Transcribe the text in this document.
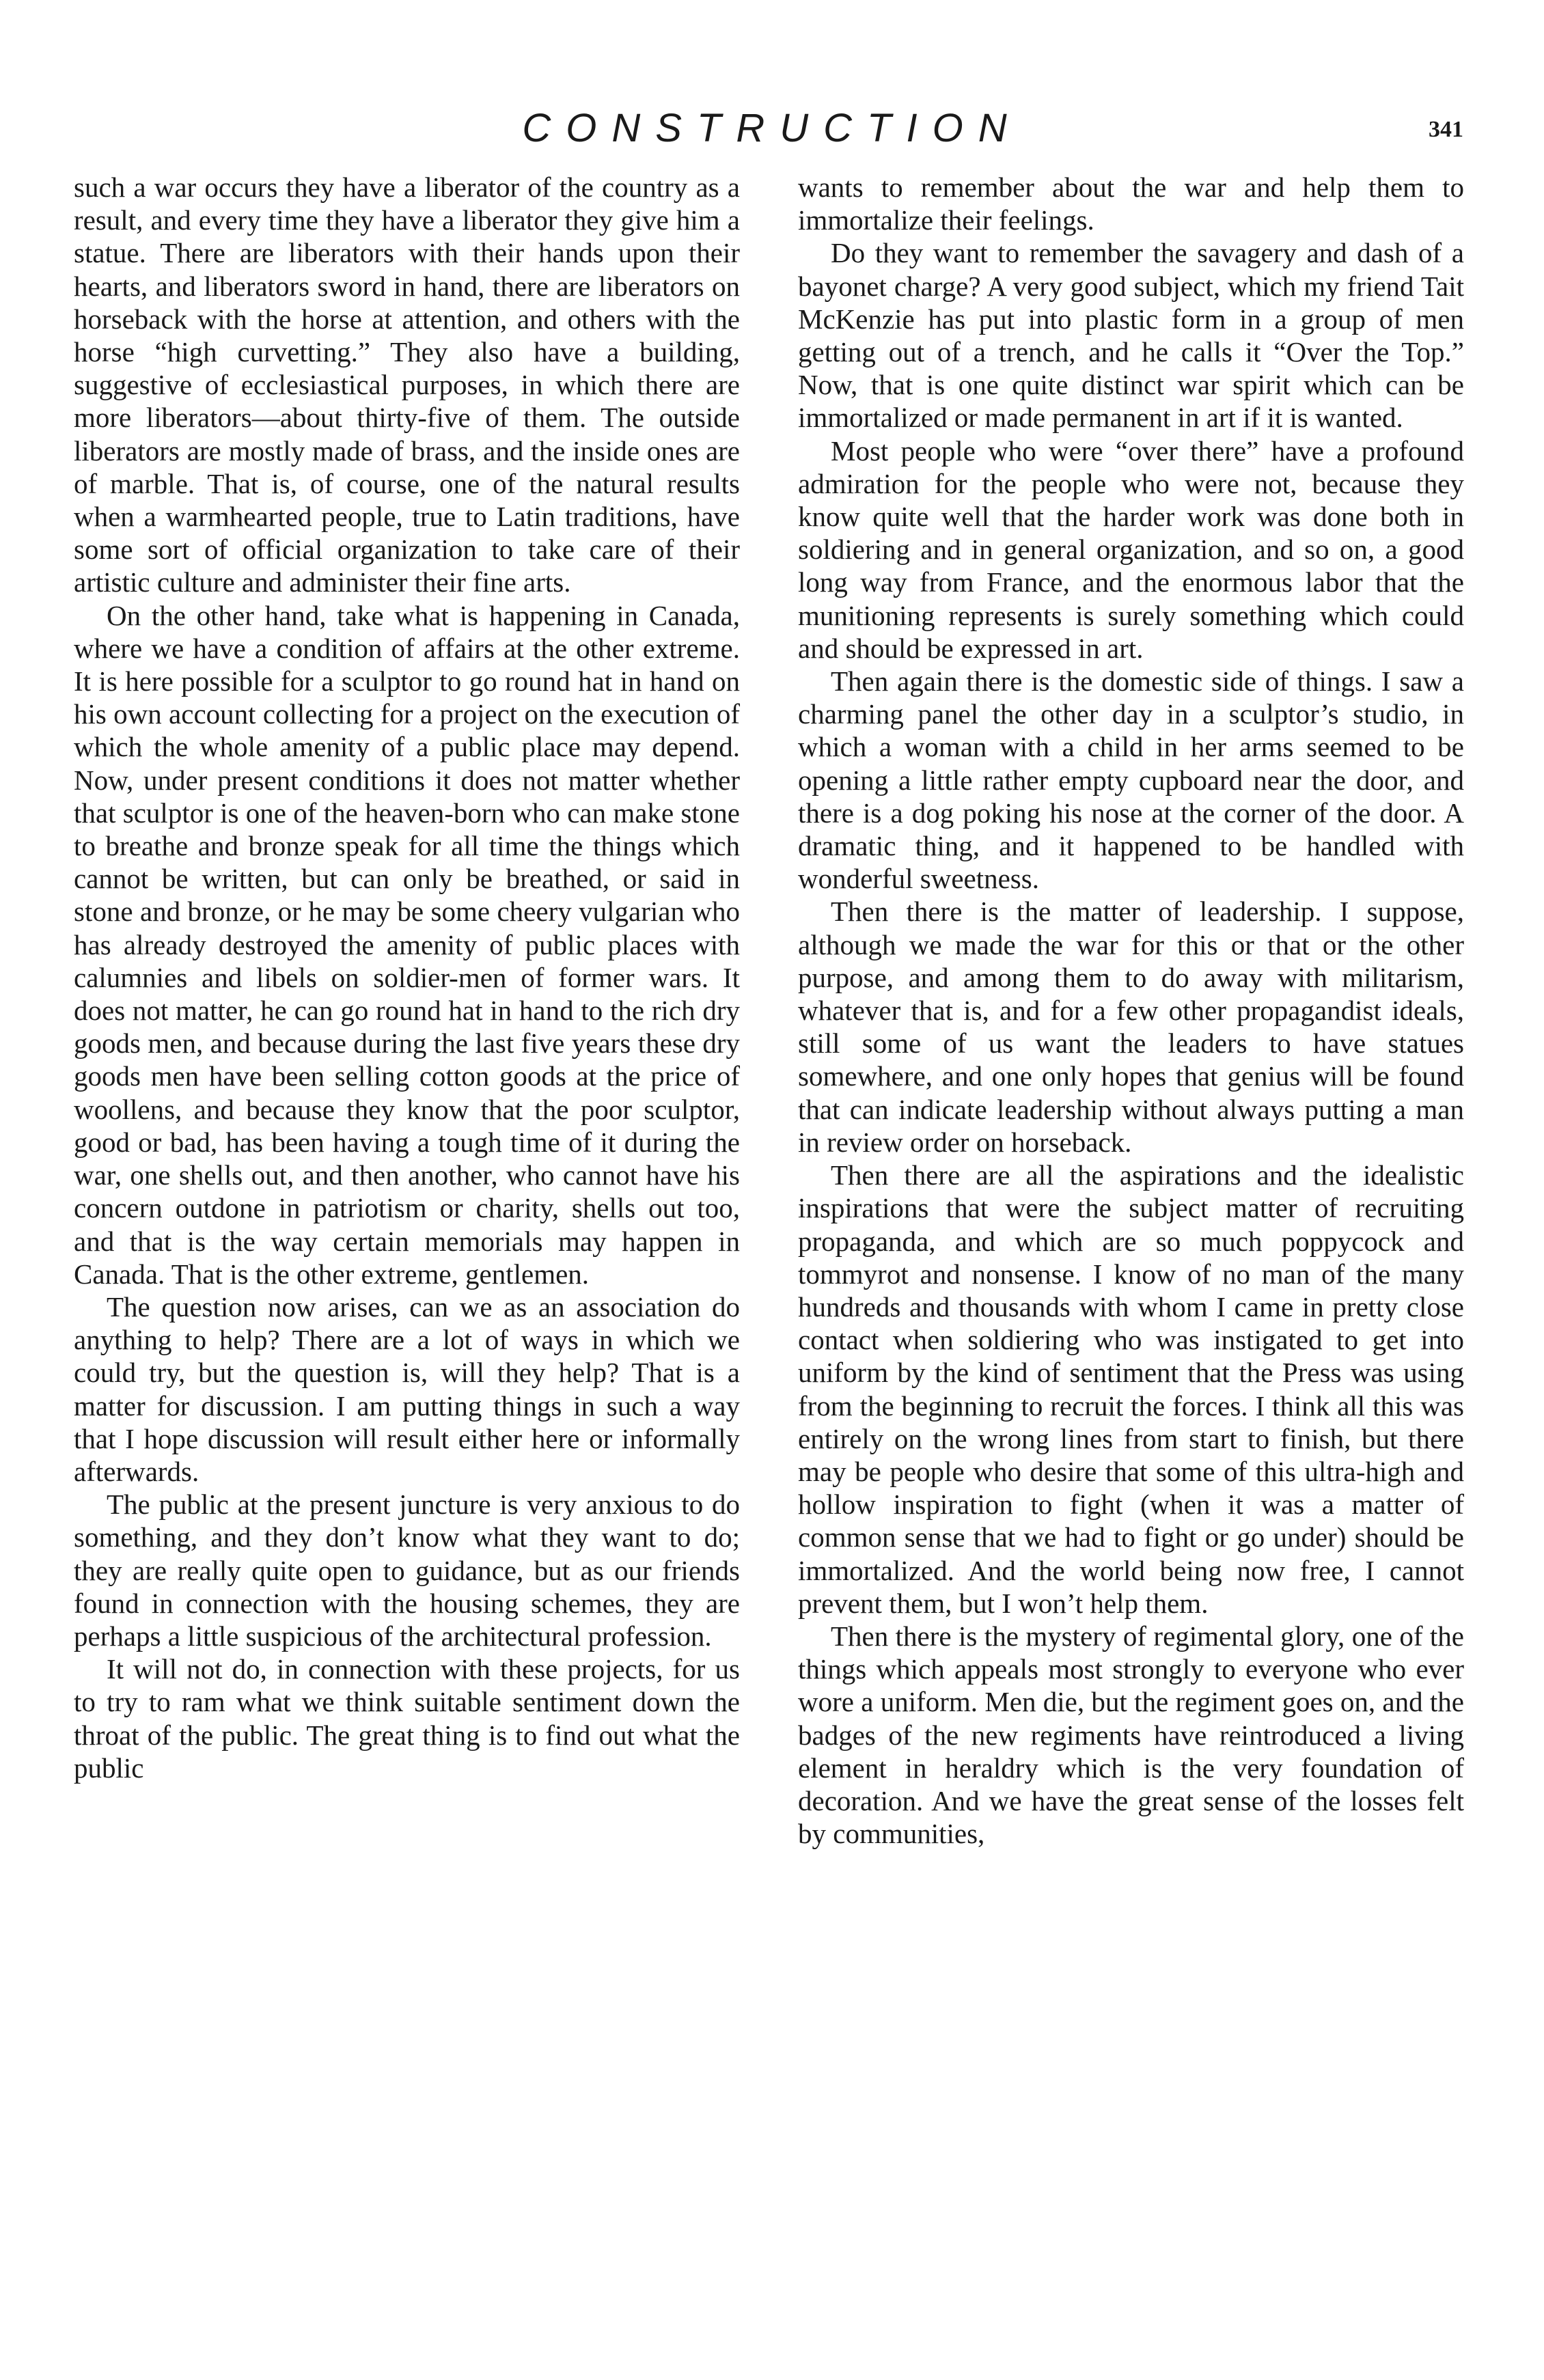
CONSTRUCTION	341

such a war occurs they have a liberator of the country as a result, and every time they have a liberator they give him a statue. There are liberators with their hands upon their hearts, and liberators sword in hand, there are liberators on horseback with the horse at attention, and others with the horse “high curvetting.” They also have a building, suggestive of ecclesiastical purposes, in which there are more liberators—about thirty-five of them. The outside liberators are mostly made of brass, and the inside ones are of marble. That is, of course, one of the natural results when a warmhearted people, true to Latin traditions, have some sort of official organization to take care of their artistic culture and administer their fine arts.

On the other hand, take what is happening in Canada, where we have a condition of affairs at the other extreme. It is here possible for a sculptor to go round hat in hand on his own account collecting for a project on the execution of which the whole amenity of a public place may depend. Now, under present conditions it does not matter whether that sculptor is one of the heaven-born who can make stone to breathe and bronze speak for all time the things which cannot be written, but can only be breathed, or said in stone and bronze, or he may be some cheery vulgarian who has already destroyed the amenity of public places with calumnies and libels on soldier-men of former wars. It does not matter, he can go round hat in hand to the rich dry goods men, and because during the last five years these dry goods men have been selling cotton goods at the price of woollens, and because they know that the poor sculptor, good or bad, has been having a tough time of it during the war, one shells out, and then another, who cannot have his concern outdone in patriotism or charity, shells out too, and that is the way certain memorials may happen in Canada. That is the other extreme, gentlemen.

The question now arises, can we as an association do anything to help? There are a lot of ways in which we could try, but the question is, will they help? That is a matter for discussion. I am putting things in such a way that I hope discussion will result either here or informally afterwards.

The public at the present juncture is very anxious to do something, and they don’t know what they want to do; they are really quite open to guidance, but as our friends found in connection with the housing schemes, they are perhaps a little suspicious of the architectural profession.

It will not do, in connection with these projects, for us to try to ram what we think suitable sentiment down the throat of the public. The great thing is to find out what the public

wants to remember about the war and help them to immortalize their feelings.

Do they want to remember the savagery and dash of a bayonet charge? A very good subject, which my friend Tait McKenzie has put into plastic form in a group of men getting out of a trench, and he calls it “Over the Top.” Now, that is one quite distinct war spirit which can be immortalized or made permanent in art if it is wanted.

Most people who were “over there” have a profound admiration for the people who were not, because they know quite well that the harder work was done both in soldiering and in general organization, and so on, a good long way from France, and the enormous labor that the munitioning represents is surely something which could and should be expressed in art.

Then again there is the domestic side of things. I saw a charming panel the other day in a sculptor’s studio, in which a woman with a child in her arms seemed to be opening a little rather empty cupboard near the door, and there is a dog poking his nose at the corner of the door. A dramatic thing, and it happened to be handled with wonderful sweetness.

Then there is the matter of leadership. I suppose, although we made the war for this or that or the other purpose, and among them to do away with militarism, whatever that is, and for a few other propagandist ideals, still some of us want the leaders to have statues somewhere, and one only hopes that genius will be found that can indicate leadership without always putting a man in review order on horseback.

Then there are all the aspirations and the idealistic inspirations that were the subject matter of recruiting propaganda, and which are so much poppycock and tommyrot and nonsense. I know of no man of the many hundreds and thousands with whom I came in pretty close contact when soldiering who was instigated to get into uniform by the kind of sentiment that the Press was using from the beginning to recruit the forces. I think all this was entirely on the wrong lines from start to finish, but there may be people who desire that some of this ultra-high and hollow inspiration to fight (when it was a matter of common sense that we had to fight or go under) should be immortalized. And the world being now free, I cannot prevent them, but I won’t help them.

Then there is the mystery of regimental glory, one of the things which appeals most strongly to everyone who ever wore a uniform. Men die, but the regiment goes on, and the badges of the new regiments have reintroduced a living element in heraldry which is the very foundation of decoration. And we have the great sense of the losses felt by communities,
